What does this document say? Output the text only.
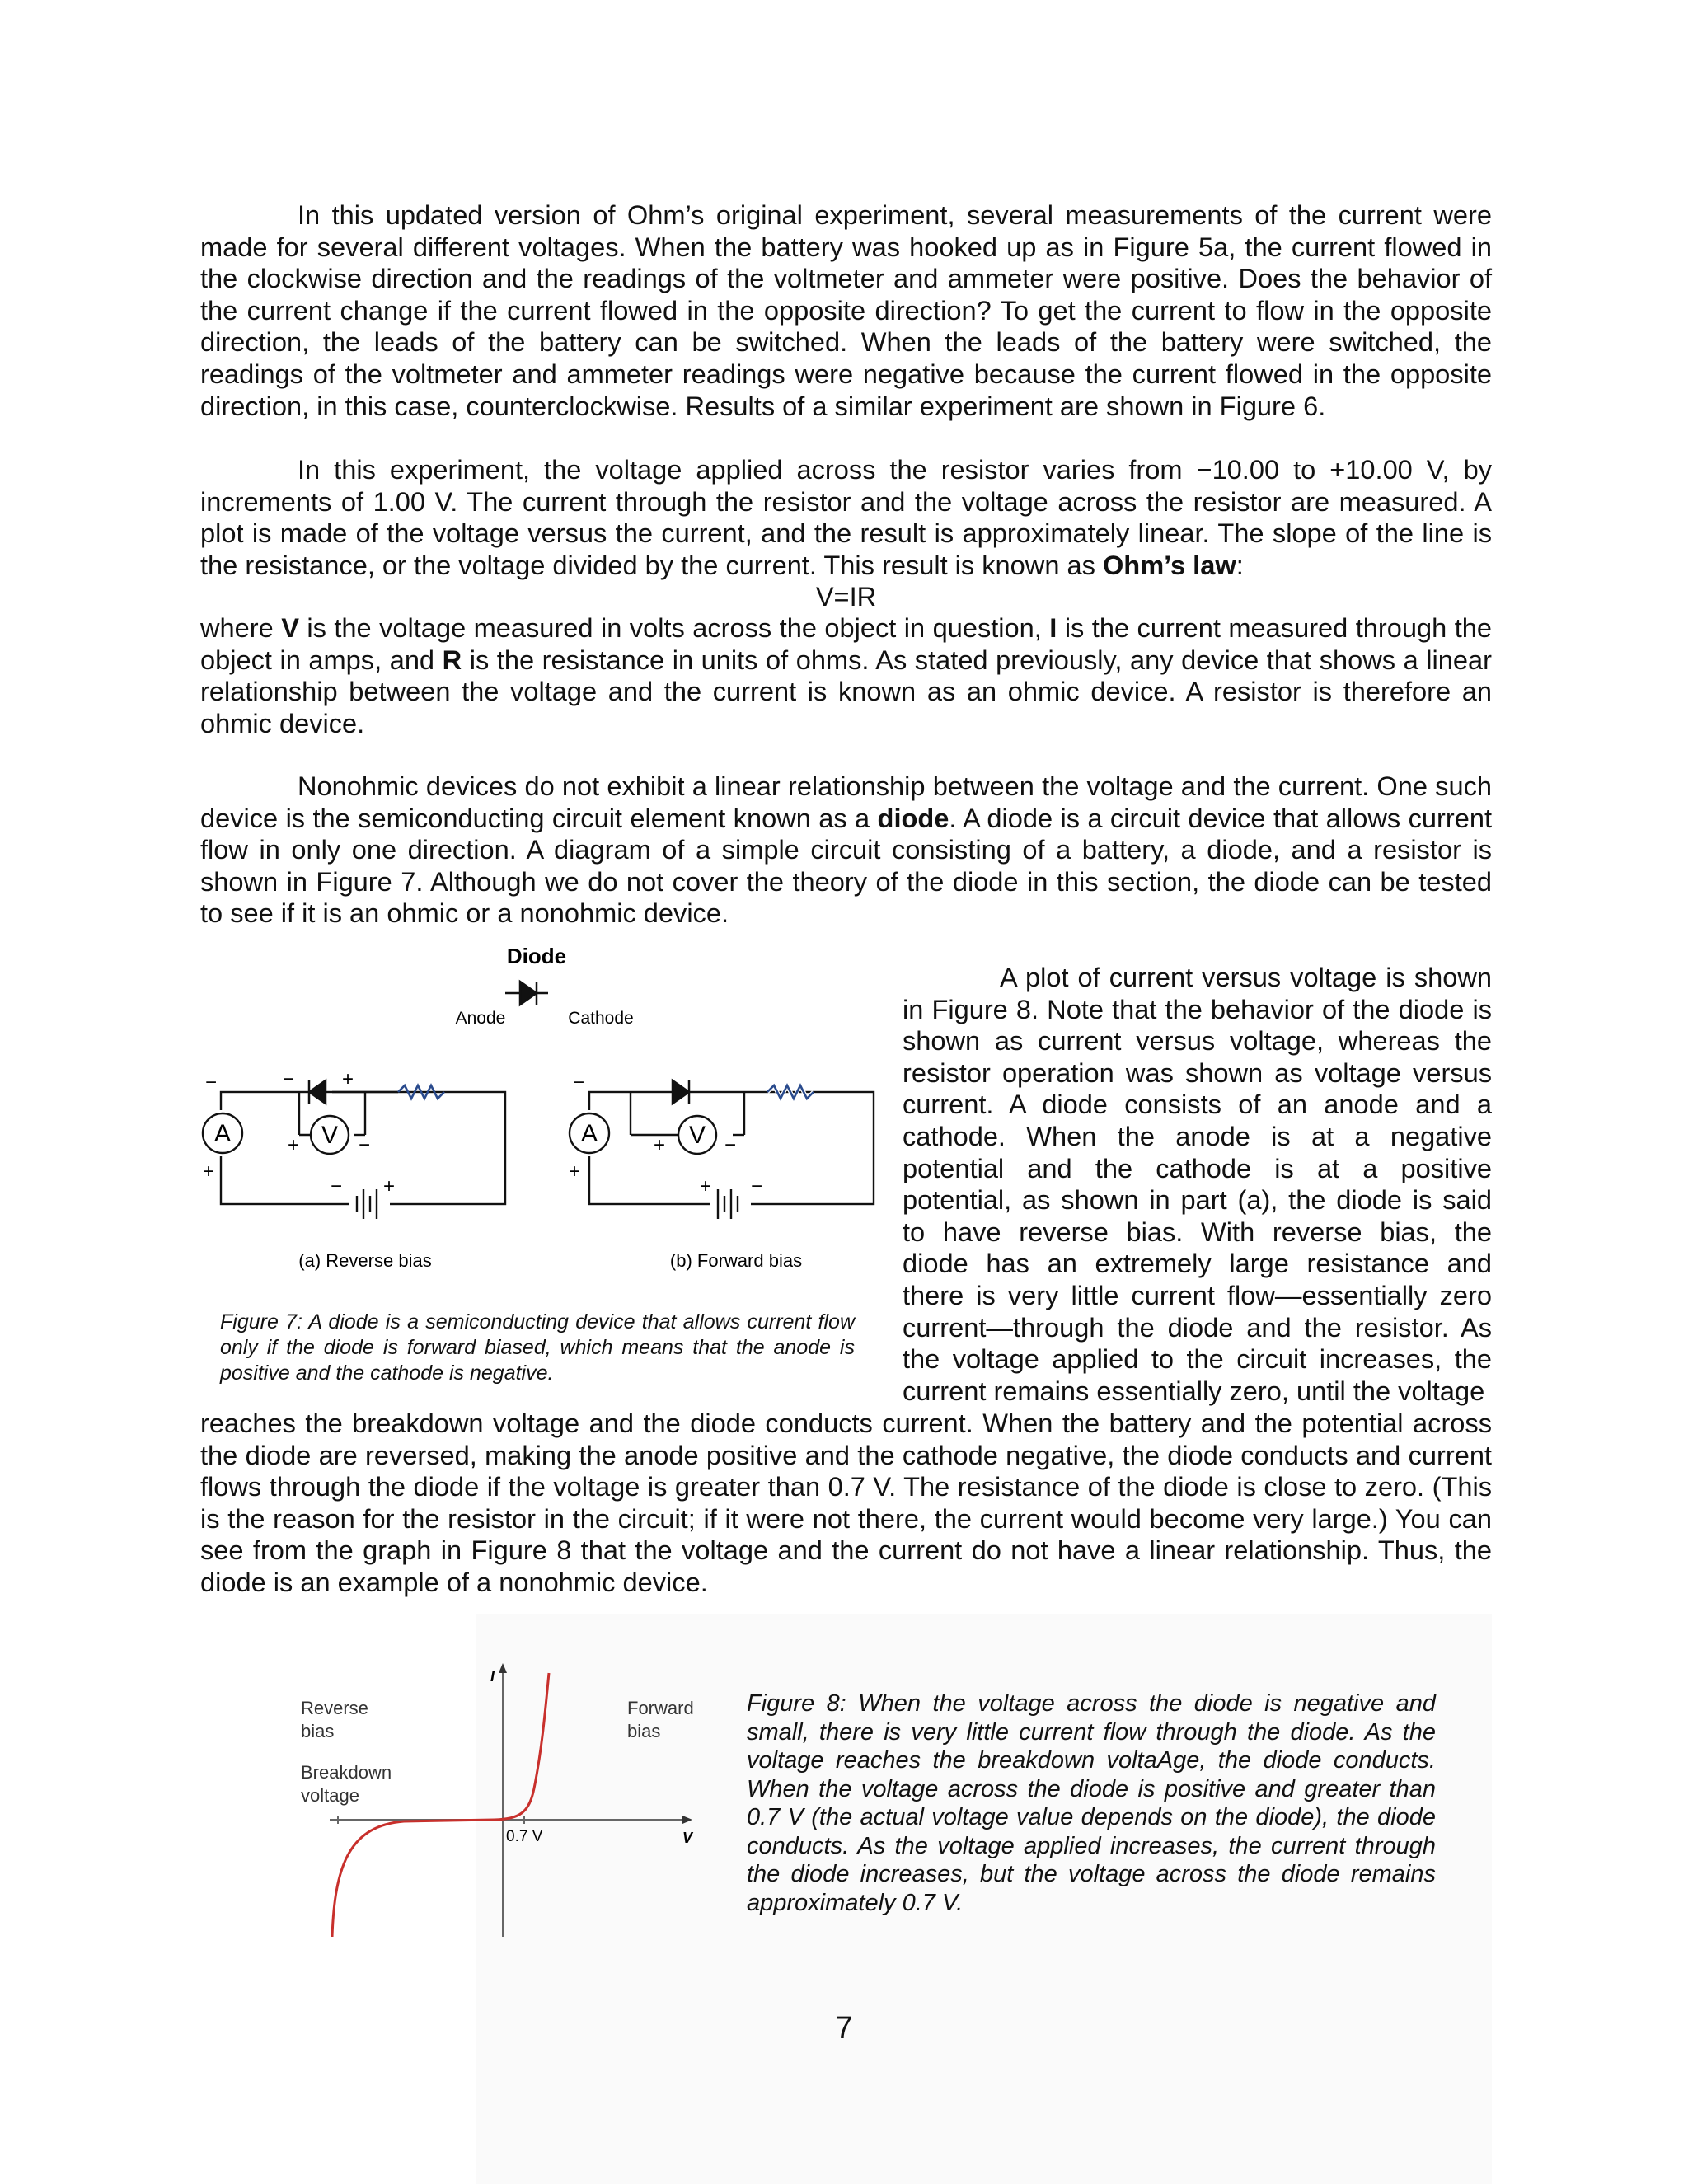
In this updated version of Ohm’s original experiment, several measurements of the current were made for several different voltages. When the battery was hooked up as in Figure 5a, the current flowed in the clockwise direction and the readings of the voltmeter and ammeter were positive. Does the behavior of the current change if the current flowed in the opposite direction? To get the current to flow in the opposite direction, the leads of the battery can be switched. When the leads of the battery were switched, the readings of the voltmeter and ammeter readings were negative because the current flowed in the opposite direction, in this case, counterclockwise. Results of a similar experiment are shown in Figure 6.

In this experiment, the voltage applied across the resistor varies from −10.00 to +10.00 V, by increments of 1.00 V. The current through the resistor and the voltage across the resistor are measured. A plot is made of the voltage versus the current, and the result is approximately linear. The slope of the line is the resistance, or the voltage divided by the current. This result is known as Ohm’s law:

V=IR

where V is the voltage measured in volts across the object in question, I is the current measured through the object in amps, and R is the resistance in units of ohms. As stated previously, any device that shows a linear relationship between the voltage and the current is known as an ohmic device. A resistor is therefore an ohmic device.

Nonohmic devices do not exhibit a linear relationship between the voltage and the current. One such device is the semiconducting circuit element known as a diode. A diode is a circuit device that allows current flow in only one direction. A diagram of a simple circuit consisting of a battery, a diode, and a resistor is shown in Figure 7. Although we do not cover the theory of the diode in this section, the diode can be tested to see if it is an ohmic or a nonohmic device.

Diode
Anode	Cathode
A
−
+
V
+	−
− +
− +
(a) Reverse bias
A
−
+
V
+	−
+ −
(b) Forward bias

Figure 7: A diode is a semiconducting device that allows current flow only if the diode is forward biased, which means that the anode is positive and the cathode is negative.

A plot of current versus voltage is shown in Figure 8. Note that the behavior of the diode is shown as current versus voltage, whereas the resistor operation was shown as voltage versus current. A diode consists of an anode and a cathode. When the anode is at a negative potential and the cathode is at a positive potential, as shown in part (a), the diode is said to have reverse bias. With reverse bias, the diode has an extremely large resistance and there is very little current flow—essentially zero current—through the diode and the resistor. As the voltage applied to the circuit increases, the current remains essentially zero, until the voltage

reaches the breakdown voltage and the diode conducts current. When the battery and the potential across the diode are reversed, making the anode positive and the cathode negative, the diode conducts and current flows through the diode if the voltage is greater than 0.7 V. The resistance of the diode is close to zero. (This is the reason for the resistor in the circuit; if it were not there, the current would become very large.) You can see from the graph in Figure 8 that the voltage and the current do not have a linear relationship. Thus, the diode is an example of a nonohmic device.

I
V
0.7 V
Reverse
bias
Breakdown
voltage
Forward
bias

Figure 8: When the voltage across the diode is negative and small, there is very little current flow through the diode. As the voltage reaches the breakdown voltaAge, the diode conducts. When the voltage across the diode is positive and greater than 0.7 V (the actual voltage value depends on the diode), the diode conducts. As the voltage applied increases, the current through the diode increases, but the voltage across the diode remains approximately 0.7 V.

7
